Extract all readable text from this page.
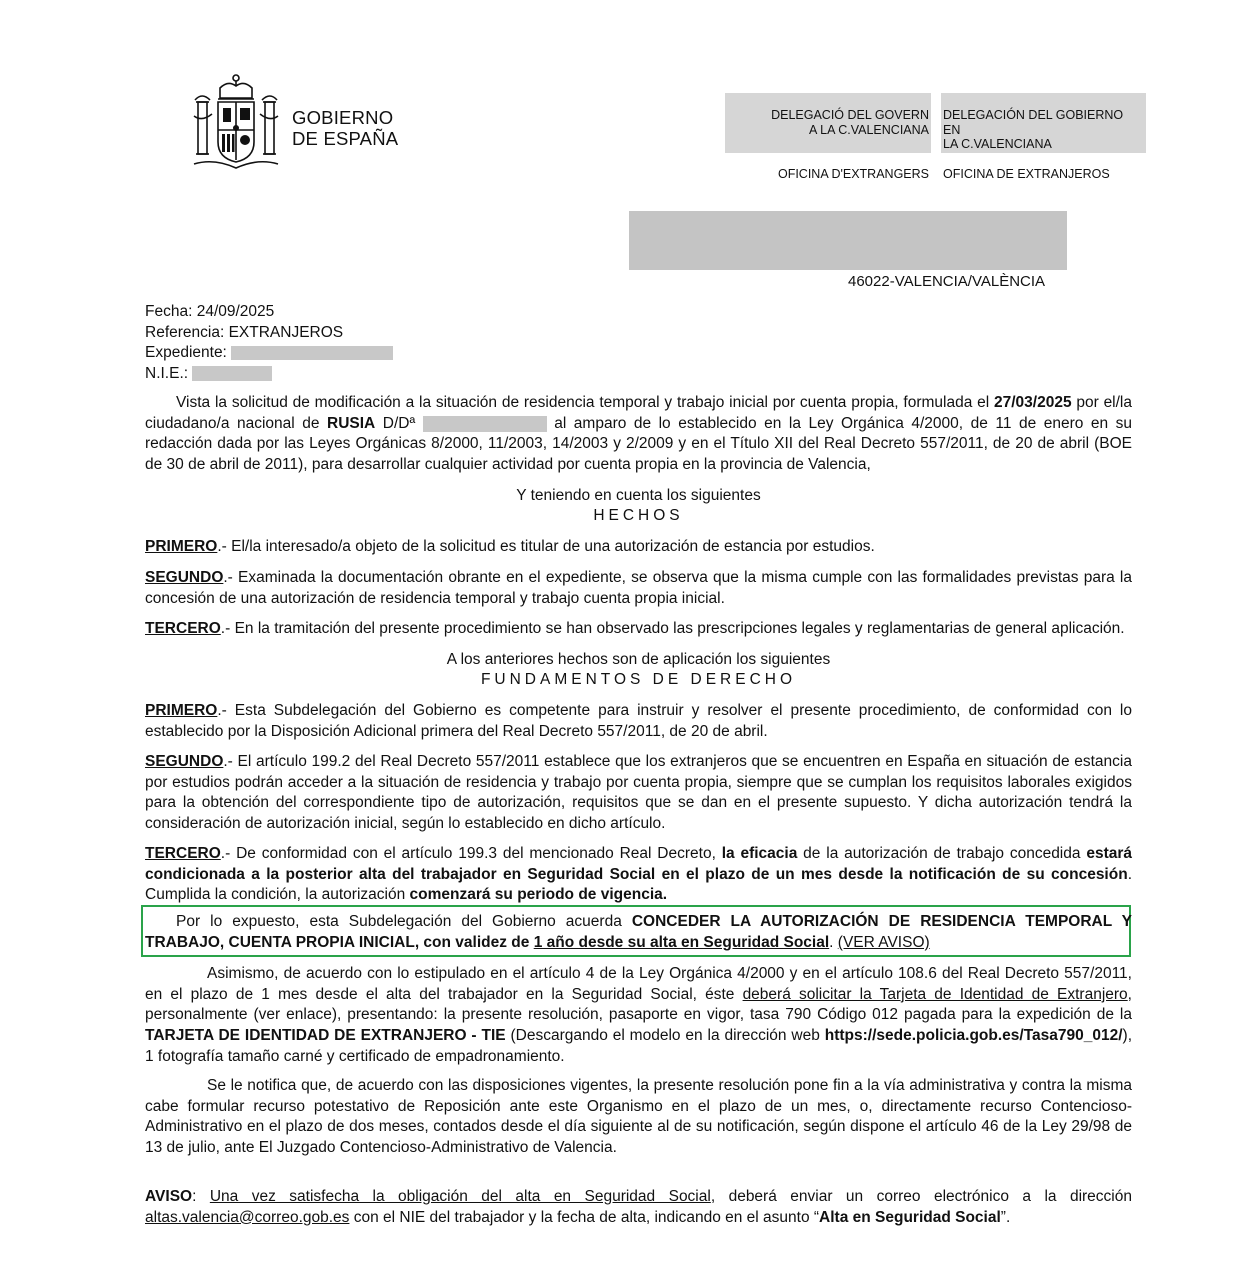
GOBIERNO
DE ESPAÑA
DELEGACIÓ DEL GOVERN
A LA C.VALENCIANA
DELEGACIÓN DEL GOBIERNO EN
LA C.VALENCIANA
OFICINA D'EXTRANGERS OFICINA DE EXTRANJEROS
46022-VALENCIA/VALÈNCIA
Fecha: 24/09/2025
Referencia: EXTRANJEROS
Expediente:
N.I.E.:
Vista la solicitud de modificación a la situación de residencia temporal y trabajo inicial por cuenta propia, formulada el 27/03/2025 por el/la ciudadano/a nacional de RUSIA D/Dª	al amparo de lo establecido en la Ley Orgánica 4/2000, de 11 de enero en su redacción dada por las Leyes Orgánicas 8/2000, 11/2003, 14/2003 y 2/2009 y en el Título XII del Real Decreto 557/2011, de 20 de abril (BOE de 30 de abril de 2011), para desarrollar cualquier actividad por cuenta propia en la provincia de Valencia,
Y teniendo en cuenta los siguientes
HECHOS
PRIMERO.- El/la interesado/a objeto de la solicitud es titular de una autorización de estancia por estudios.
SEGUNDO.- Examinada la documentación obrante en el expediente, se observa que la misma cumple con las formalidades previstas para la concesión de una autorización de residencia temporal y trabajo cuenta propia inicial.
TERCERO.- En la tramitación del presente procedimiento se han observado las prescripciones legales y reglamentarias de general aplicación.
A los anteriores hechos son de aplicación los siguientes
FUNDAMENTOS DE DERECHO
PRIMERO.- Esta Subdelegación del Gobierno es competente para instruir y resolver el presente procedimiento, de conformidad con lo establecido por la Disposición Adicional primera del Real Decreto 557/2011, de 20 de abril.
SEGUNDO.- El artículo 199.2 del Real Decreto 557/2011 establece que los extranjeros que se encuentren en España en situación de estancia por estudios podrán acceder a la situación de residencia y trabajo por cuenta propia, siempre que se cumplan los requisitos laborales exigidos para la obtención del correspondiente tipo de autorización, requisitos que se dan en el presente supuesto. Y dicha autorización tendrá la consideración de autorización inicial, según lo establecido en dicho artículo.
TERCERO.- De conformidad con el artículo 199.3 del mencionado Real Decreto, la eficacia de la autorización de trabajo concedida estará condicionada a la posterior alta del trabajador en Seguridad Social en el plazo de un mes desde la notificación de su concesión. Cumplida la condición, la autorización comenzará su periodo de vigencia.
Por lo expuesto, esta Subdelegación del Gobierno acuerda CONCEDER LA AUTORIZACIÓN DE RESIDENCIA TEMPORAL Y TRABAJO, CUENTA PROPIA INICIAL, con validez de 1 año desde su alta en Seguridad Social. (VER AVISO)
Asimismo, de acuerdo con lo estipulado en el artículo 4 de la Ley Orgánica 4/2000 y en el artículo 108.6 del Real Decreto 557/2011, en el plazo de 1 mes desde el alta del trabajador en la Seguridad Social, éste deberá solicitar la Tarjeta de Identidad de Extranjero, personalmente (ver enlace), presentando: la presente resolución, pasaporte en vigor, tasa 790 Código 012 pagada para la expedición de la TARJETA DE IDENTIDAD DE EXTRANJERO - TIE (Descargando el modelo en la dirección web https://sede.policia.gob.es/Tasa790_012/), 1 fotografía tamaño carné y certificado de empadronamiento.
Se le notifica que, de acuerdo con las disposiciones vigentes, la presente resolución pone fin a la vía administrativa y contra la misma cabe formular recurso potestativo de Reposición ante este Organismo en el plazo de un mes, o, directamente recurso Contencioso-Administrativo en el plazo de dos meses, contados desde el día siguiente al de su notificación, según dispone el artículo 46 de la Ley 29/98 de 13 de julio, ante El Juzgado Contencioso-Administrativo de Valencia.
AVISO: Una vez satisfecha la obligación del alta en Seguridad Social, deberá enviar un correo electrónico a la dirección altas.valencia@correo.gob.es con el NIE del trabajador y la fecha de alta, indicando en el asunto “Alta en Seguridad Social”.
